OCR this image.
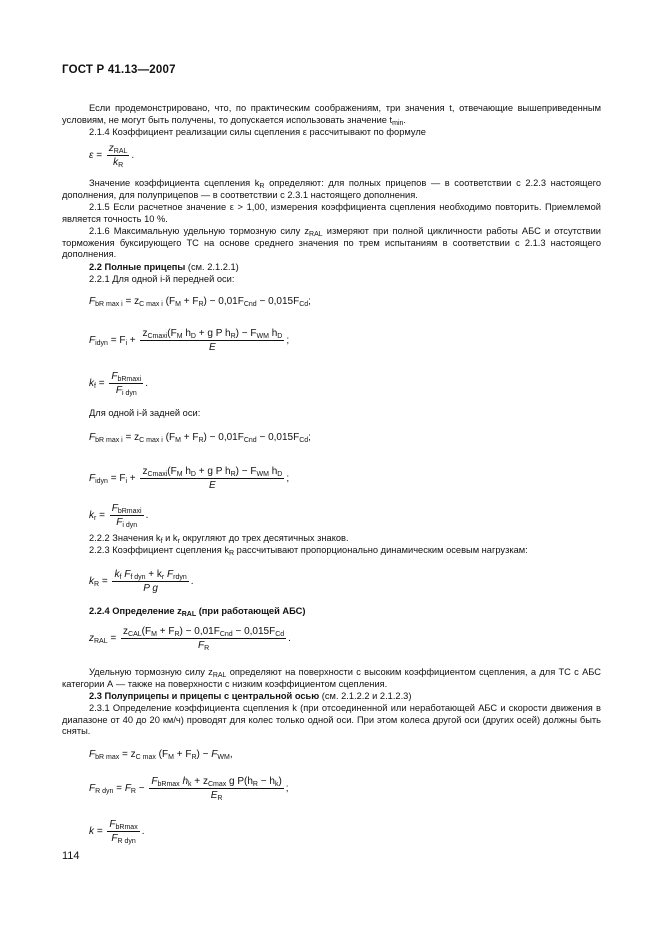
ГОСТ Р 41.13—2007
Если продемонстрировано, что, по практическим соображениям, три значения t, отвечающие вышеприведенным условиям, не могут быть получены, то допускается использовать значение $t_{min}$.
2.1.4 Коэффициент реализации силы сцепления ε рассчитывают по формуле
$\varepsilon = \frac{z_{RAL}}{k_R}$ .
Значение коэффициента сцепления $k_R$ определяют: для полных прицепов — в соответствии с 2.2.3 настоящего дополнения, для полуприцепов — в соответствии с 2.3.1 настоящего дополнения.
2.1.5 Если расчетное значение ε > 1,00, измерения коэффициента сцепления необходимо повторить. Приемлемой является точность 10 %.
2.1.6 Максимальную удельную тормозную силу $z_{RAL}$ измеряют при полной цикличности работы АБС и отсутствии торможения буксирующего ТС на основе среднего значения по трем испытаниям в соответствии с 2.1.3 настоящего дополнения.
2.2 Полные прицепы (см. 2.1.2.1)
2.2.1 Для одной i-й передней оси:
$F_{bR max i} = z_{C max i}$ $(F_M + F_R) - 0,01F_{Cnd} - 0,015F_{Cd}$;
$F_{idyn} = F_i + \frac{z_{Cmaxi}(F_M h_D + g P h_R) - F_{WM} h_D}{E}$ ;
$k_f = \frac{F_{bRmaxi}}{F_{i dyn}}$ .
Для одной i-й задней оси:
$F_{bR max i} = z_{C max i}$ $(F_M + F_R) - 0,01F_{Cnd} - 0,015F_{Cd}$;
$F_{idyn} = F_i + \frac{z_{Cmaxi}(F_M h_D + g P h_R) - F_{WM} h_D}{E}$ ;
$k_r = \frac{F_{bRmaxi}}{F_{i dyn}}$ .
2.2.2 Значения $k_f$ и $k_r$ округляют до трех десятичных знаков.
2.2.3 Коэффициент сцепления $k_R$ рассчитывают пропорционально динамическим осевым нагрузкам:
$k_R = \frac{k_f F_{f dyn} + k_r F_{rdyn}}{\text{P g}}$ .
2.2.4 Определение $z_{RAL}$ (при работающей АБС)
$z_{RAL} = \frac{z_{CAL}(F_M + F_R) - 0,01F_{Cnd} - 0,015F_{Cd}}{F_R}$ .
Удельную тормозную силу $z_{RAL}$ определяют на поверхности с высоким коэффициентом сцепления, а для ТС с АБС категории А — также на поверхности с низким коэффициентом сцепления.
2.3 Полуприцепы и прицепы с центральной осью (см. 2.1.2.2 и 2.1.2.3)
2.3.1 Определение коэффициента сцепления k (при отсоединенной или неработающей АБС и скорости движения в диапазоне от 40 до 20 км/ч) проводят для колес только одной оси. При этом колеса другой оси (других осей) должны быть сняты.
$F_{bR max} = z_{C max}$ $(F_M + F_R) - F_{WM}$,
$F_{R dyn} = F_R - \frac{F_{bRmax} h_k + z_{Cmax} g P(h_R - h_k)}{E_R}$ ;
$k = \frac{F_{bRmax}}{F_{R dyn}}$ .
114
